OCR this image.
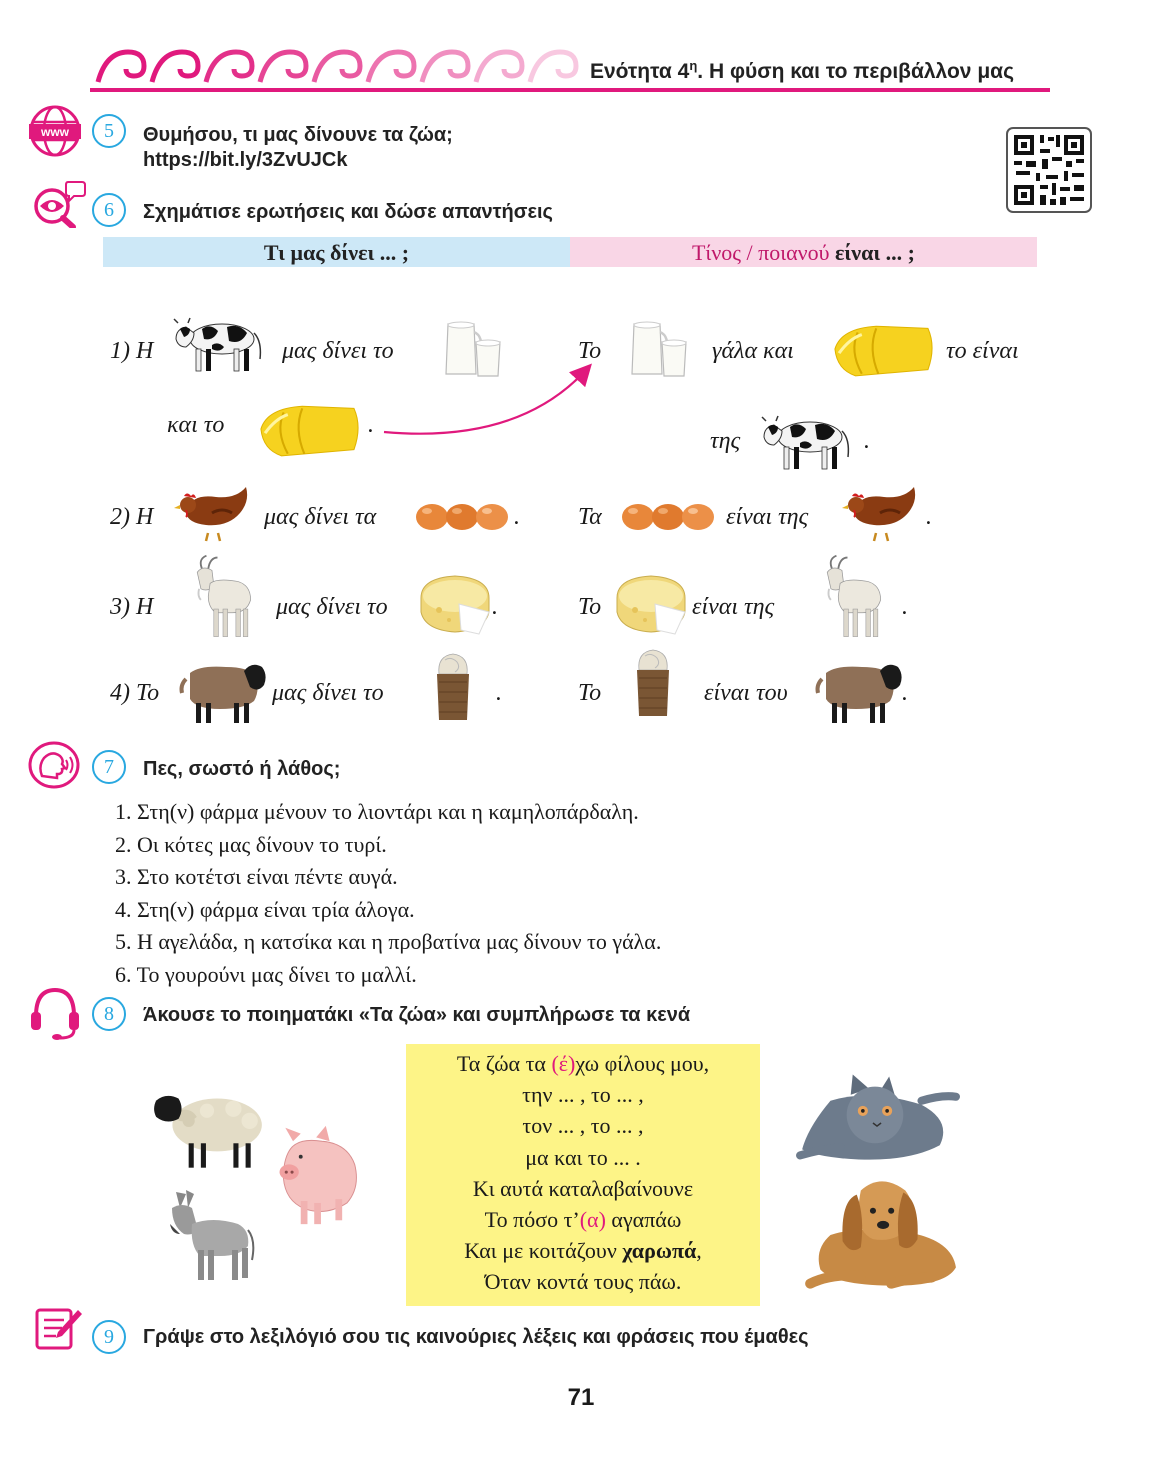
Ενότητα $4^\eta$. Η φύση και το περιβάλλον μας
www	5	Θυμήσου, τι μας δίνουνε τα ζώα;
https://bit.ly/3ZvUJCk
6	Σχημάτισε ερωτήσεις και δώσε απαντήσεις
Τι μας δίνει ... ;	Τίνος / ποιανού είναι ... ;
1) Η	μας δίνει το
και το	.
Το	γάλα και	το είναι
της	.
2) Η	μας δίνει τα	. Τα	είναι της	.
3) Η	μας δίνει το	.	Το	είναι της	.
4) Το	μας δίνει το	.	Το	είναι του	.
7	Πες, σωστό ή λάθος;
1. Στη(ν) φάρμα μένουν το λιοντάρι και η καμηλοπάρδαλη.
2. Οι κότες μας δίνουν το τυρί.
3. Στο κοτέτσι είναι πέντε αυγά.
4. Στη(ν) φάρμα είναι τρία άλογα.
5. Η αγελάδα, η κατσίκα και η προβατίνα μας δίνουν το γάλα.
6. Το γουρούνι μας δίνει το μαλλί.
8	Άκουσε το ποιηματάκι «Τα ζώα» και συμπλήρωσε τα κενά
Τα ζώα τα (έ)χω φίλους μου,
την ... , το ... ,
τον ... , το ... ,
μα και το ... .
Κι αυτά καταλαβαίνουνε
Το πόσο τ’(α) αγαπάω
Και με κοιτάζουν χαρωπά,
Όταν κοντά τους πάω.
9	Γράψε στο λεξιλόγιό σου τις καινούριες λέξεις και φράσεις που έμαθες
71
